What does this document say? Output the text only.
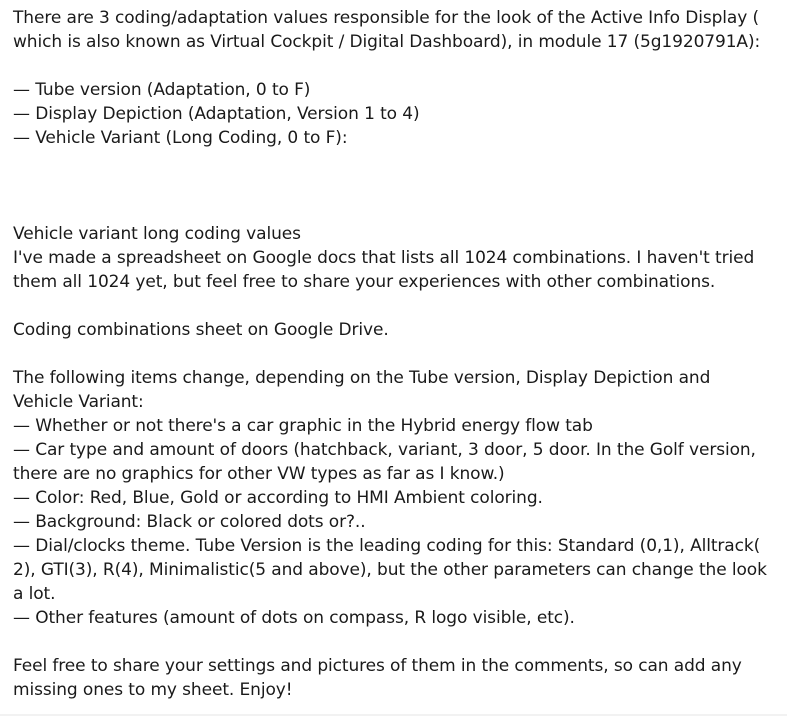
There are 3 coding/adaptation values responsible for the look of the Active Info Display (
which is also known as Virtual Cockpit / Digital Dashboard), in module 17 (5g1920791A):

— Tube version (Adaptation, 0 to F)
— Display Depiction (Adaptation, Version 1 to 4)
— Vehicle Variant (Long Coding, 0 to F):

Vehicle variant long coding values
I've made a spreadsheet on Google docs that lists all 1024 combinations. I haven't tried
them all 1024 yet, but feel free to share your experiences with other combinations.

Coding combinations sheet on Google Drive.

The following items change, depending on the Tube version, Display Depiction and
Vehicle Variant:
— Whether or not there's a car graphic in the Hybrid energy flow tab
— Car type and amount of doors (hatchback, variant, 3 door, 5 door. In the Golf version,
there are no graphics for other VW types as far as I know.)
— Color: Red, Blue, Gold or according to HMI Ambient coloring.
— Background: Black or colored dots or?..
— Dial/clocks theme. Tube Version is the leading coding for this: Standard (0,1), Alltrack(
2), GTI(3), R(4), Minimalistic(5 and above), but the other parameters can change the look
a lot.
— Other features (amount of dots on compass, R logo visible, etc).

Feel free to share your settings and pictures of them in the comments, so can add any
missing ones to my sheet. Enjoy!
